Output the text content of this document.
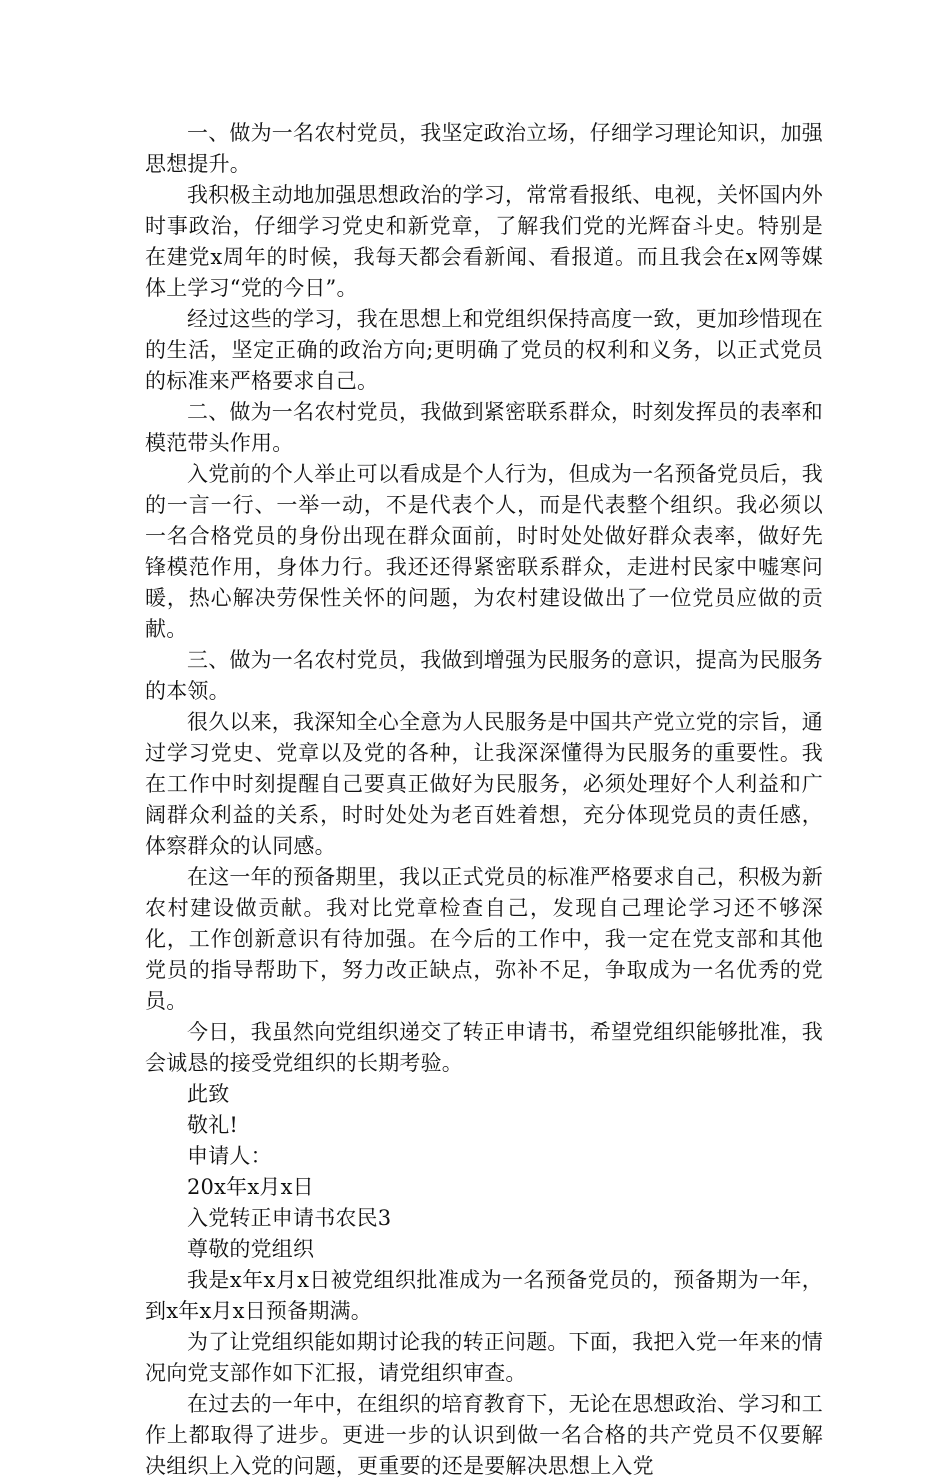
一、做为一名农村党员，我坚定政治立场，仔细学习理论知识，加强思想提升。

我积极主动地加强思想政治的学习，常常看报纸、电视，关怀国内外时事政治，仔细学习党史和新党章，了解我们党的光辉奋斗史。特别是在建党x周年的时候，我每天都会看新闻、看报道。而且我会在x网等媒体上学习“党的今日”。

经过这些的学习，我在思想上和党组织保持高度一致，更加珍惜现在的生活，坚定正确的政治方向;更明确了党员的权利和义务，以正式党员的标准来严格要求自己。

二、做为一名农村党员，我做到紧密联系群众，时刻发挥员的表率和模范带头作用。

入党前的个人举止可以看成是个人行为，但成为一名预备党员后，我的一言一行、一举一动，不是代表个人，而是代表整个组织。我必须以一名合格党员的身份出现在群众面前，时时处处做好群众表率，做好先锋模范作用，身体力行。我还还得紧密联系群众，走进村民家中嘘寒问暖，热心解决劳保性关怀的问题，为农村建设做出了一位党员应做的贡献。

三、做为一名农村党员，我做到增强为民服务的意识，提高为民服务的本领。

很久以来，我深知全心全意为人民服务是中国共产党立党的宗旨，通过学习党史、党章以及党的各种，让我深深懂得为民服务的重要性。我在工作中时刻提醒自己要真正做好为民服务，必须处理好个人利益和广阔群众利益的关系，时时处处为老百姓着想，充分体现党员的责任感，体察群众的认同感。

在这一年的预备期里，我以正式党员的标准严格要求自己，积极为新农村建设做贡献。我对比党章检查自己，发现自己理论学习还不够深化，工作创新意识有待加强。在今后的工作中，我一定在党支部和其他党员的指导帮助下，努力改正缺点，弥补不足，争取成为一名优秀的党员。

今日，我虽然向党组织递交了转正申请书，希望党组织能够批准，我会诚恳的接受党组织的长期考验。

此致

敬礼!

申请人：

20x年x月x日

入党转正申请书农民3

尊敬的党组织

我是x年x月x日被党组织批准成为一名预备党员的，预备期为一年，到x年x月x日预备期满。

为了让党组织能如期讨论我的转正问题。下面，我把入党一年来的情况向党支部作如下汇报，请党组织审查。

在过去的一年中，在组织的培育教育下，无论在思想政治、学习和工作上都取得了进步。更进一步的认识到做一名合格的共产党员不仅要解决组织上入党的问题，更重要的还是要解决思想上入党
